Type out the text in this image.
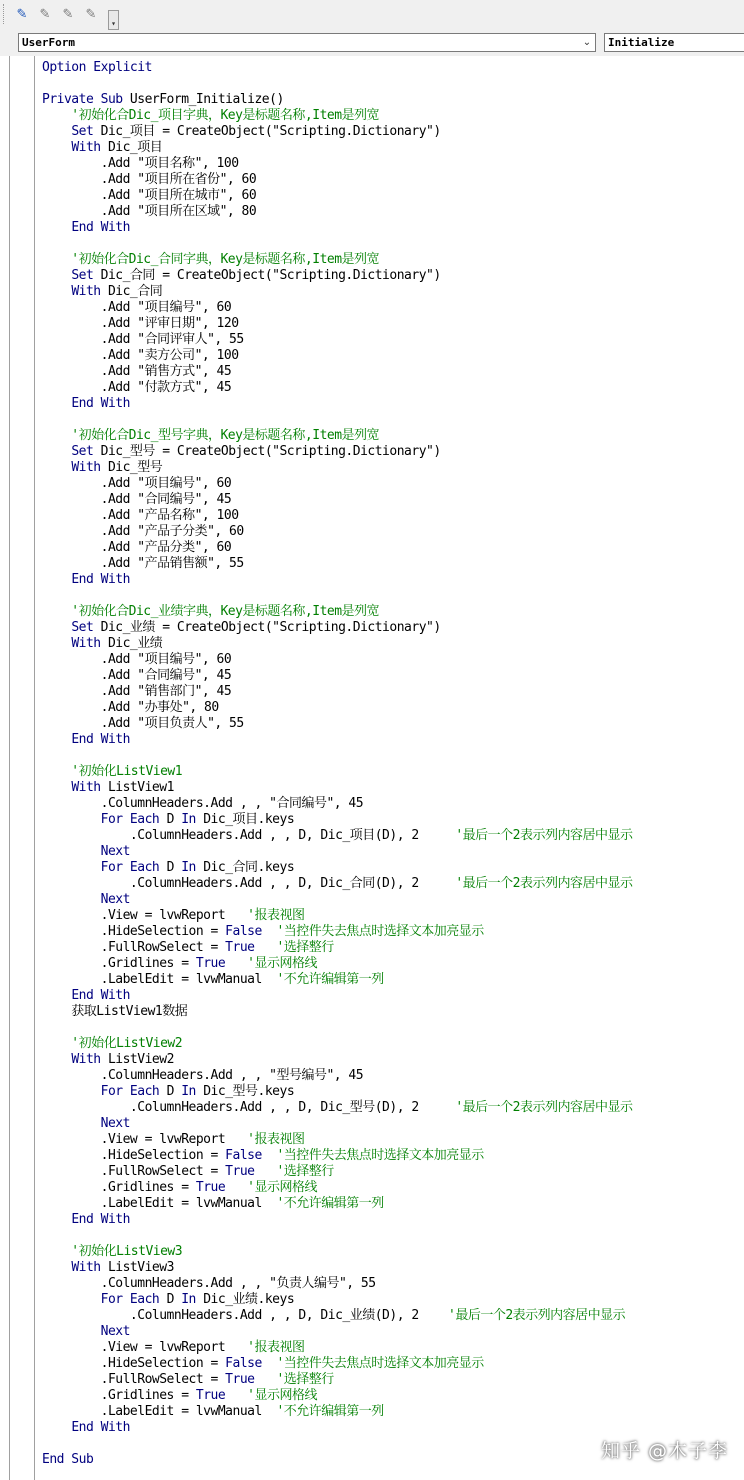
✎ ✎ ✎ ✎
▾
UserForm	⌄	Initialize
Option Explicit
Private Sub UserForm_Initialize()
'初始化合Dic_项目字典，Key是标题名称,Item是列宽
Set Dic_项目 = CreateObject("Scripting.Dictionary")
With Dic_项目
.Add "项目名称", 100
.Add "项目所在省份", 60
.Add "项目所在城市", 60
.Add "项目所在区域", 80
End With
'初始化合Dic_合同字典，Key是标题名称,Item是列宽
Set Dic_合同 = CreateObject("Scripting.Dictionary")
With Dic_合同
.Add "项目编号", 60
.Add "评审日期", 120
.Add "合同评审人", 55
.Add "卖方公司", 100
.Add "销售方式", 45
.Add "付款方式", 45
End With
'初始化合Dic_型号字典，Key是标题名称,Item是列宽
Set Dic_型号 = CreateObject("Scripting.Dictionary")
With Dic_型号
.Add "项目编号", 60
.Add "合同编号", 45
.Add "产品名称", 100
.Add "产品子分类", 60
.Add "产品分类", 60
.Add "产品销售额", 55
End With
'初始化合Dic_业绩字典，Key是标题名称,Item是列宽
Set Dic_业绩 = CreateObject("Scripting.Dictionary")
With Dic_业绩
.Add "项目编号", 60
.Add "合同编号", 45
.Add "销售部门", 45
.Add "办事处", 80
.Add "项目负责人", 55
End With
'初始化ListView1
With ListView1
.ColumnHeaders.Add , , "合同编号", 45
For Each D In Dic_项目.keys
.ColumnHeaders.Add , , D, Dic_项目(D), 2     '最后一个2表示列内容居中显示
Next
For Each D In Dic_合同.keys
.ColumnHeaders.Add , , D, Dic_合同(D), 2     '最后一个2表示列内容居中显示
Next
.View = lvwReport   '报表视图
.HideSelection = False '当控件失去焦点时选择文本加亮显示
.FullRowSelect = True '选择整行
.Gridlines = True '显示网格线
.LabelEdit = lvwManual  '不允许编辑第一列
End With
获取ListView1数据
'初始化ListView2
With ListView2
.ColumnHeaders.Add , , "型号编号", 45
For Each D In Dic_型号.keys
.ColumnHeaders.Add , , D, Dic_型号(D), 2     '最后一个2表示列内容居中显示
Next
.View = lvwReport   '报表视图
.HideSelection = False '当控件失去焦点时选择文本加亮显示
.FullRowSelect = True '选择整行
.Gridlines = True '显示网格线
.LabelEdit = lvwManual  '不允许编辑第一列
End With
'初始化ListView3
With ListView3
.ColumnHeaders.Add , , "负责人编号", 55
For Each D In Dic_业绩.keys
.ColumnHeaders.Add , , D, Dic_业绩(D), 2    '最后一个2表示列内容居中显示
Next
.View = lvwReport   '报表视图
.HideSelection = False '当控件失去焦点时选择文本加亮显示
.FullRowSelect = True '选择整行
.Gridlines = True '显示网格线
.LabelEdit = lvwManual  '不允许编辑第一列
End With
End Sub	知乎 @木子李
